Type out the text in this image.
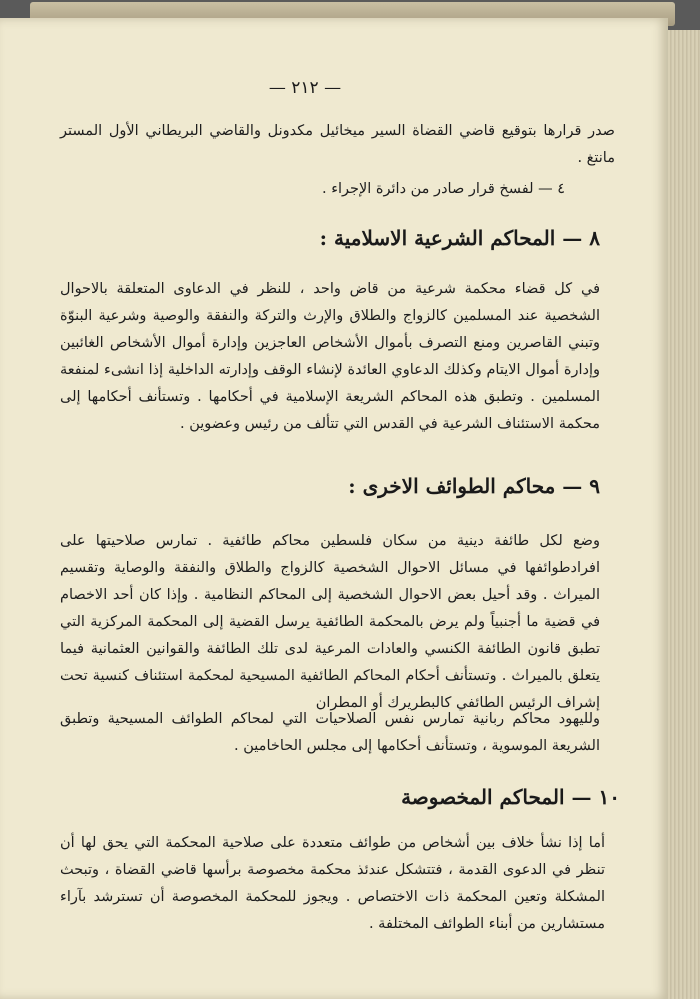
— ٢١٢ —

صدر قرارها بتوقيع قاضي القضاة السير ميخائيل مكدونل والقاضي البريطاني الأول المستر مانتغ .

٤ — لفسخ قرار صادر من دائرة الإجراء .

٨ — المحاكم الشرعية الاسلامية :

في كل قضاء محكمة شرعية من قاض واحد ، للنظر في الدعاوى المتعلقة بالاحوال الشخصية عند المسلمين كالزواج والطلاق والإرث والتركة والنفقة والوصية وشرعية البنوّة وتبني القاصرين ومنع التصرف بأموال الأشخاص العاجزين وإدارة أموال الأشخاص الغائبين وإدارة أموال الايتام وكذلك الدعاوي العائدة لإنشاء الوقف وإدارته الداخلية إذا انشىء لمنفعة المسلمين . وتطبق هذه المحاكم الشريعة الإسلامية في أحكامها . وتستأنف أحكامها إلى محكمة الاستئناف الشرعية في القدس التي تتألف من رئيس وعضوين .

٩ — محاكم الطوائف الاخرى :

وضع لكل طائفة دينية من سكان فلسطين محاكم طائفية . تمارس صلاحيتها على افرادطوائفها في مسائل الاحوال الشخصية كالزواج والطلاق والنفقة والوصاية وتقسيم الميراث . وقد أحيل بعض الاحوال الشخصية إلى المحاكم النظامية . وإذا كان أحد الاخصام في قضية ما أجنبياً ولم يرض بالمحكمة الطائفية يرسل القضية إلى المحكمة المركزية التي تطبق قانون الطائفة الكنسي والعادات المرعية لدى تلك الطائفة والقوانين العثمانية فيما يتعلق بالميراث . وتستأنف أحكام المحاكم الطائفية المسيحية لمحكمة استئناف كنسية تحت إشراف الرئيس الطائفي كالبطريرك أو المطران

ولليهود محاكم ربانية تمارس نفس الصلاحيات التي لمحاكم الطوائف المسيحية وتطبق الشريعة الموسوية ، وتستأنف أحكامها إلى مجلس الحاخامين .

١٠ — المحاكم المخصوصة

أما إذا نشأ خلاف بين أشخاص من طوائف متعددة على صلاحية المحكمة التي يحق لها أن تنظر في الدعوى القدمة ، فتتشكل عندئذ محكمة مخصوصة برأسها قاضي القضاة ، وتبحث المشكلة وتعين المحكمة ذات الاختصاص . ويجوز للمحكمة المخصوصة أن تسترشد بآراء مستشارين من أبناء الطوائف المختلفة .
